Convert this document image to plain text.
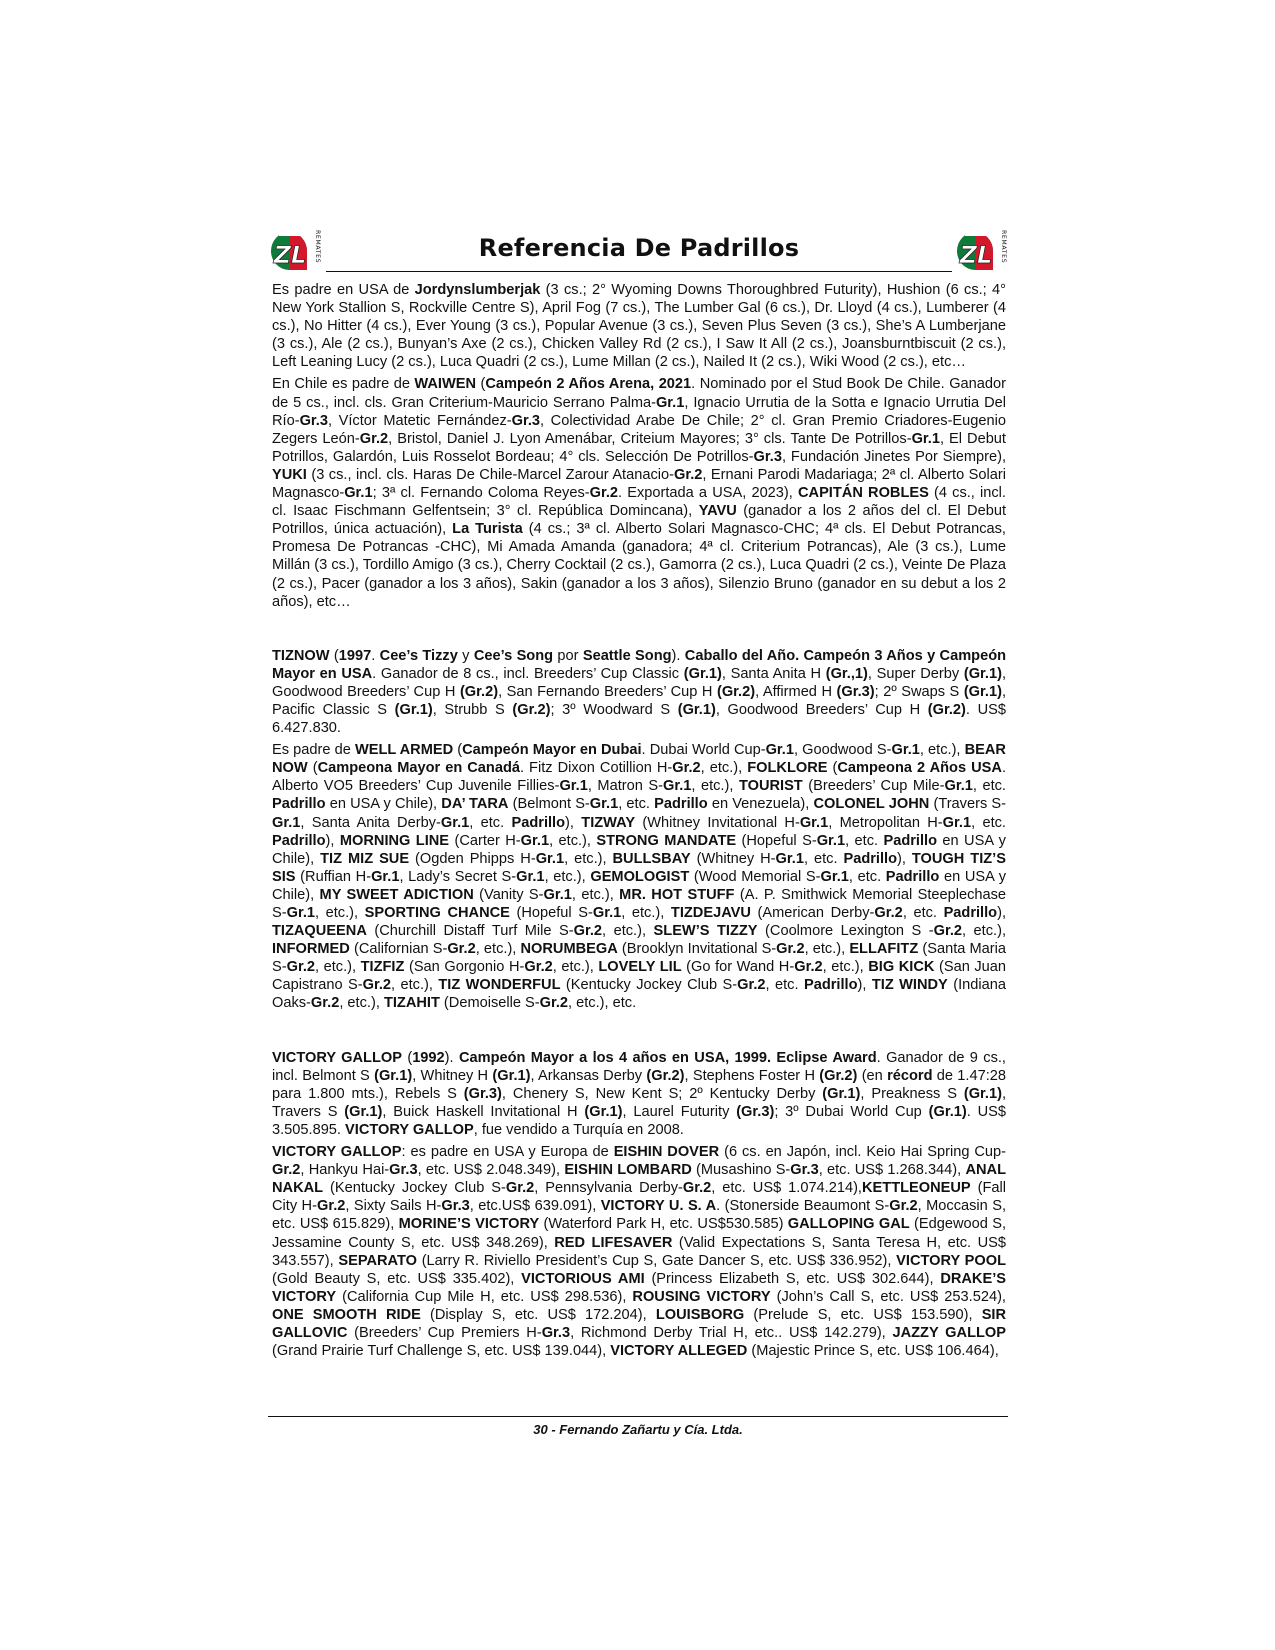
ZL REMATES	Referencia De Padrillos	ZL REMATES

Es padre en USA de Jordynslumberjak (3 cs.; 2° Wyoming Downs Thoroughbred Futurity), Hushion (6 cs.; 4° New York Stallion S, Rockville Centre S), April Fog (7 cs.), The Lumber Gal (6 cs.), Dr. Lloyd (4 cs.), Lumberer (4 cs.), No Hitter (4 cs.), Ever Young (3 cs.), Popular Avenue (3 cs.), Seven Plus Seven (3 cs.), She’s A Lumberjane (3 cs.), Ale (2 cs.), Bunyan’s Axe (2 cs.), Chicken Valley Rd (2 cs.), I Saw It All (2 cs.), Joansburntbiscuit (2 cs.), Left Leaning Lucy (2 cs.), Luca Quadri (2 cs.), Lume Millan (2 cs.), Nailed It (2 cs.), Wiki Wood (2 cs.), etc…

En Chile es padre de WAIWEN (Campeón 2 Años Arena, 2021. Nominado por el Stud Book De Chile. Ganador de 5 cs., incl. cls. Gran Criterium-Mauricio Serrano Palma-Gr.1, Ignacio Urrutia de la Sotta e Ignacio Urrutia Del Río-Gr.3, Víctor Matetic Fernández-Gr.3, Colectividad Arabe De Chile; 2° cl. Gran Premio Criadores-Eugenio Zegers León-Gr.2, Bristol, Daniel J. Lyon Amenábar, Criteium Mayores; 3° cls. Tante De Potrillos-Gr.1, El Debut Potrillos, Galardón, Luis Rosselot Bordeau; 4° cls. Selección De Potrillos-Gr.3, Fundación Jinetes Por Siempre), YUKI (3 cs., incl. cls. Haras De Chile-Marcel Zarour Atanacio-Gr.2, Ernani Parodi Madariaga; 2ª cl. Alberto Solari Magnasco-Gr.1; 3ª cl. Fernando Coloma Reyes-Gr.2. Exportada a USA, 2023), CAPITÁN ROBLES (4 cs., incl. cl. Isaac Fischmann Gelfentsein; 3° cl. República Domincana), YAVU (ganador a los 2 años del cl. El Debut Potrillos, única actuación), La Turista (4 cs.; 3ª cl. Alberto Solari Magnasco-CHC; 4ª cls. El Debut Potrancas, Promesa De Potrancas -CHC), Mi Amada Amanda (ganadora; 4ª cl. Criterium Potrancas), Ale (3 cs.), Lume Millán (3 cs.), Tordillo Amigo (3 cs.), Cherry Cocktail (2 cs.), Gamorra (2 cs.), Luca Quadri (2 cs.), Veinte De Plaza (2 cs.), Pacer (ganador a los 3 años), Sakin (ganador a los 3 años), Silenzio Bruno (ganador en su debut a los 2 años), etc…

TIZNOW (1997. Cee’s Tizzy y Cee’s Song por Seattle Song). Caballo del Año. Campeón 3 Años y Campeón Mayor en USA. Ganador de 8 cs., incl. Breeders’ Cup Classic (Gr.1), Santa Anita H (Gr.,1), Super Derby (Gr.1), Goodwood Breeders’ Cup H (Gr.2), San Fernando Breeders’ Cup H (Gr.2), Affirmed H (Gr.3); 2º Swaps S (Gr.1), Pacific Classic S (Gr.1), Strubb S (Gr.2); 3º Woodward S (Gr.1), Goodwood Breeders’ Cup H (Gr.2). US$ 6.427.830.

Es padre de WELL ARMED (Campeón Mayor en Dubai. Dubai World Cup-Gr.1, Goodwood S-Gr.1, etc.), BEAR NOW (Campeona Mayor en Canadá. Fitz Dixon Cotillion H-Gr.2, etc.), FOLKLORE (Campeona 2 Años USA. Alberto VO5 Breeders’ Cup Juvenile Fillies-Gr.1, Matron S-Gr.1, etc.), TOURIST (Breeders’ Cup Mile-Gr.1, etc. Padrillo en USA y Chile), DA’ TARA (Belmont S-Gr.1, etc. Padrillo en Venezuela), COLONEL JOHN (Travers S-Gr.1, Santa Anita Derby-Gr.1, etc. Padrillo), TIZWAY (Whitney Invitational H-Gr.1, Metropolitan H-Gr.1, etc. Padrillo), MORNING LINE (Carter H-Gr.1, etc.), STRONG MANDATE (Hopeful S-Gr.1, etc. Padrillo en USA y Chile), TIZ MIZ SUE (Ogden Phipps H-Gr.1, etc.), BULLSBAY (Whitney H-Gr.1, etc. Padrillo), TOUGH TIZ’S SIS (Ruffian H-Gr.1, Lady’s Secret S-Gr.1, etc.), GEMOLOGIST (Wood Memorial S-Gr.1, etc. Padrillo en USA y Chile), MY SWEET ADICTION (Vanity S-Gr.1, etc.), MR. HOT STUFF (A. P. Smithwick Memorial Steeplechase S-Gr.1, etc.), SPORTING CHANCE (Hopeful S-Gr.1, etc.), TIZDEJAVU (American Derby-Gr.2, etc. Padrillo), TIZAQUEENA (Churchill Distaff Turf Mile S-Gr.2, etc.), SLEW’S TIZZY (Coolmore Lexington S -Gr.2, etc.), INFORMED (Californian S-Gr.2, etc.), NORUMBEGA (Brooklyn Invitational S-Gr.2, etc.), ELLAFITZ (Santa Maria S-Gr.2, etc.), TIZFIZ (San Gorgonio H-Gr.2, etc.), LOVELY LIL (Go for Wand H-Gr.2, etc.), BIG KICK (San Juan Capistrano S-Gr.2, etc.), TIZ WONDERFUL (Kentucky Jockey Club S-Gr.2, etc. Padrillo), TIZ WINDY (Indiana Oaks-Gr.2, etc.), TIZAHIT (Demoiselle S-Gr.2, etc.), etc.

VICTORY GALLOP (1992). Campeón Mayor a los 4 años en USA, 1999. Eclipse Award. Ganador de 9 cs., incl. Belmont S (Gr.1), Whitney H (Gr.1), Arkansas Derby (Gr.2), Stephens Foster H (Gr.2) (en récord de 1.47:28 para 1.800 mts.), Rebels S (Gr.3), Chenery S, New Kent S; 2º Kentucky Derby (Gr.1), Preakness S (Gr.1), Travers S (Gr.1), Buick Haskell Invitational H (Gr.1), Laurel Futurity (Gr.3); 3º Dubai World Cup (Gr.1). US$ 3.505.895. VICTORY GALLOP, fue vendido a Turquía en 2008.

VICTORY GALLOP: es padre en USA y Europa de EISHIN DOVER (6 cs. en Japón, incl. Keio Hai Spring Cup-Gr.2, Hankyu Hai-Gr.3, etc. US$ 2.048.349), EISHIN LOMBARD (Musashino S-Gr.3, etc. US$ 1.268.344), ANAL NAKAL (Kentucky Jockey Club S-Gr.2, Pennsylvania Derby-Gr.2, etc. US$ 1.074.214),KETTLEONEUP (Fall City H-Gr.2, Sixty Sails H-Gr.3, etc.US$ 639.091), VICTORY U. S. A. (Stonerside Beaumont S-Gr.2, Moccasin S, etc. US$ 615.829), MORINE’S VICTORY (Waterford Park H, etc. US$530.585) GALLOPING GAL (Edgewood S, Jessamine County S, etc. US$ 348.269), RED LIFESAVER (Valid Expectations S, Santa Teresa H, etc. US$ 343.557), SEPARATO (Larry R. Riviello President’s Cup S, Gate Dancer S, etc. US$ 336.952), VICTORY POOL (Gold Beauty S, etc. US$ 335.402), VICTORIOUS AMI (Princess Elizabeth S, etc. US$ 302.644), DRAKE’S VICTORY (California Cup Mile H, etc. US$ 298.536), ROUSING VICTORY (John’s Call S, etc. US$ 253.524), ONE SMOOTH RIDE (Display S, etc. US$ 172.204), LOUISBORG (Prelude S, etc. US$ 153.590), SIR GALLOVIC (Breeders’ Cup Premiers H-Gr.3, Richmond Derby Trial H, etc.. US$ 142.279), JAZZY GALLOP (Grand Prairie Turf Challenge S, etc. US$ 139.044), VICTORY ALLEGED (Majestic Prince S, etc. US$ 106.464),

30 - Fernando Zañartu y Cía. Ltda.
